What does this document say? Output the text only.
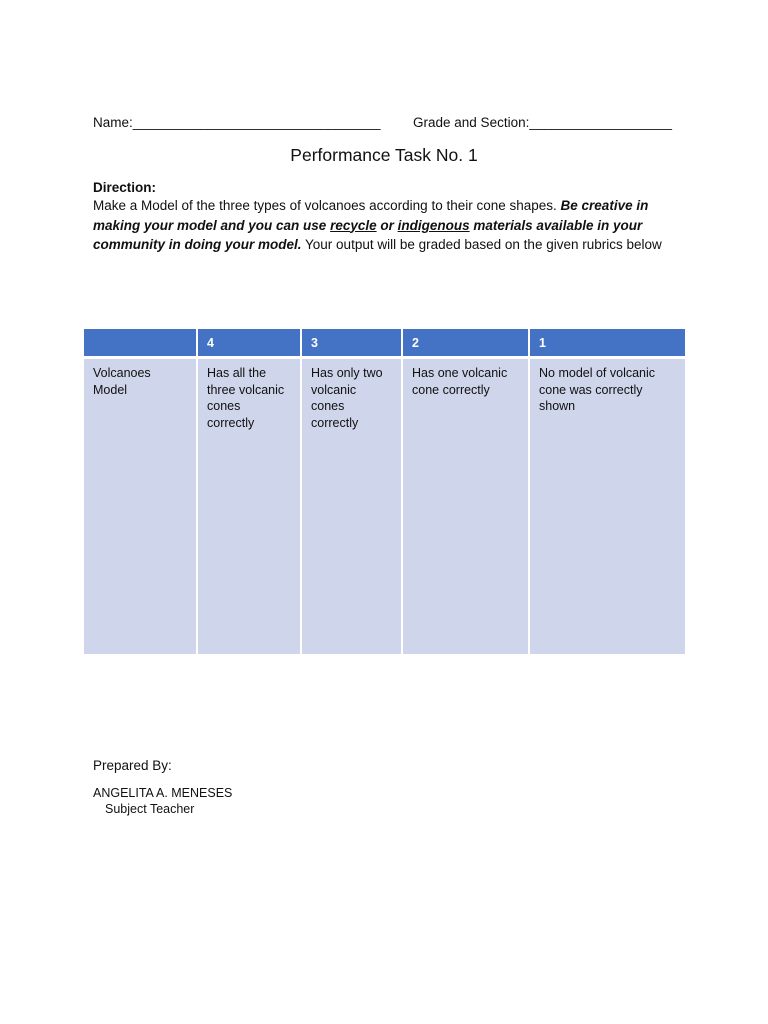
Name:_________________________________ Grade and Section:___________________
Performance Task No. 1
Direction:
Make a Model of the three types of volcanoes according to their cone shapes. Be creative in making your model and you can use recycle or indigenous materials available in your community in doing your model. Your output will be graded based on the given rubrics below
	4	3	2	1
Volcanoes Model	Has all the three volcanic cones correctly	Has only two volcanic cones correctly	Has one volcanic cone correctly	No model of volcanic cone was correctly shown
Prepared By:
ANGELITA A. MENESES
Subject Teacher
